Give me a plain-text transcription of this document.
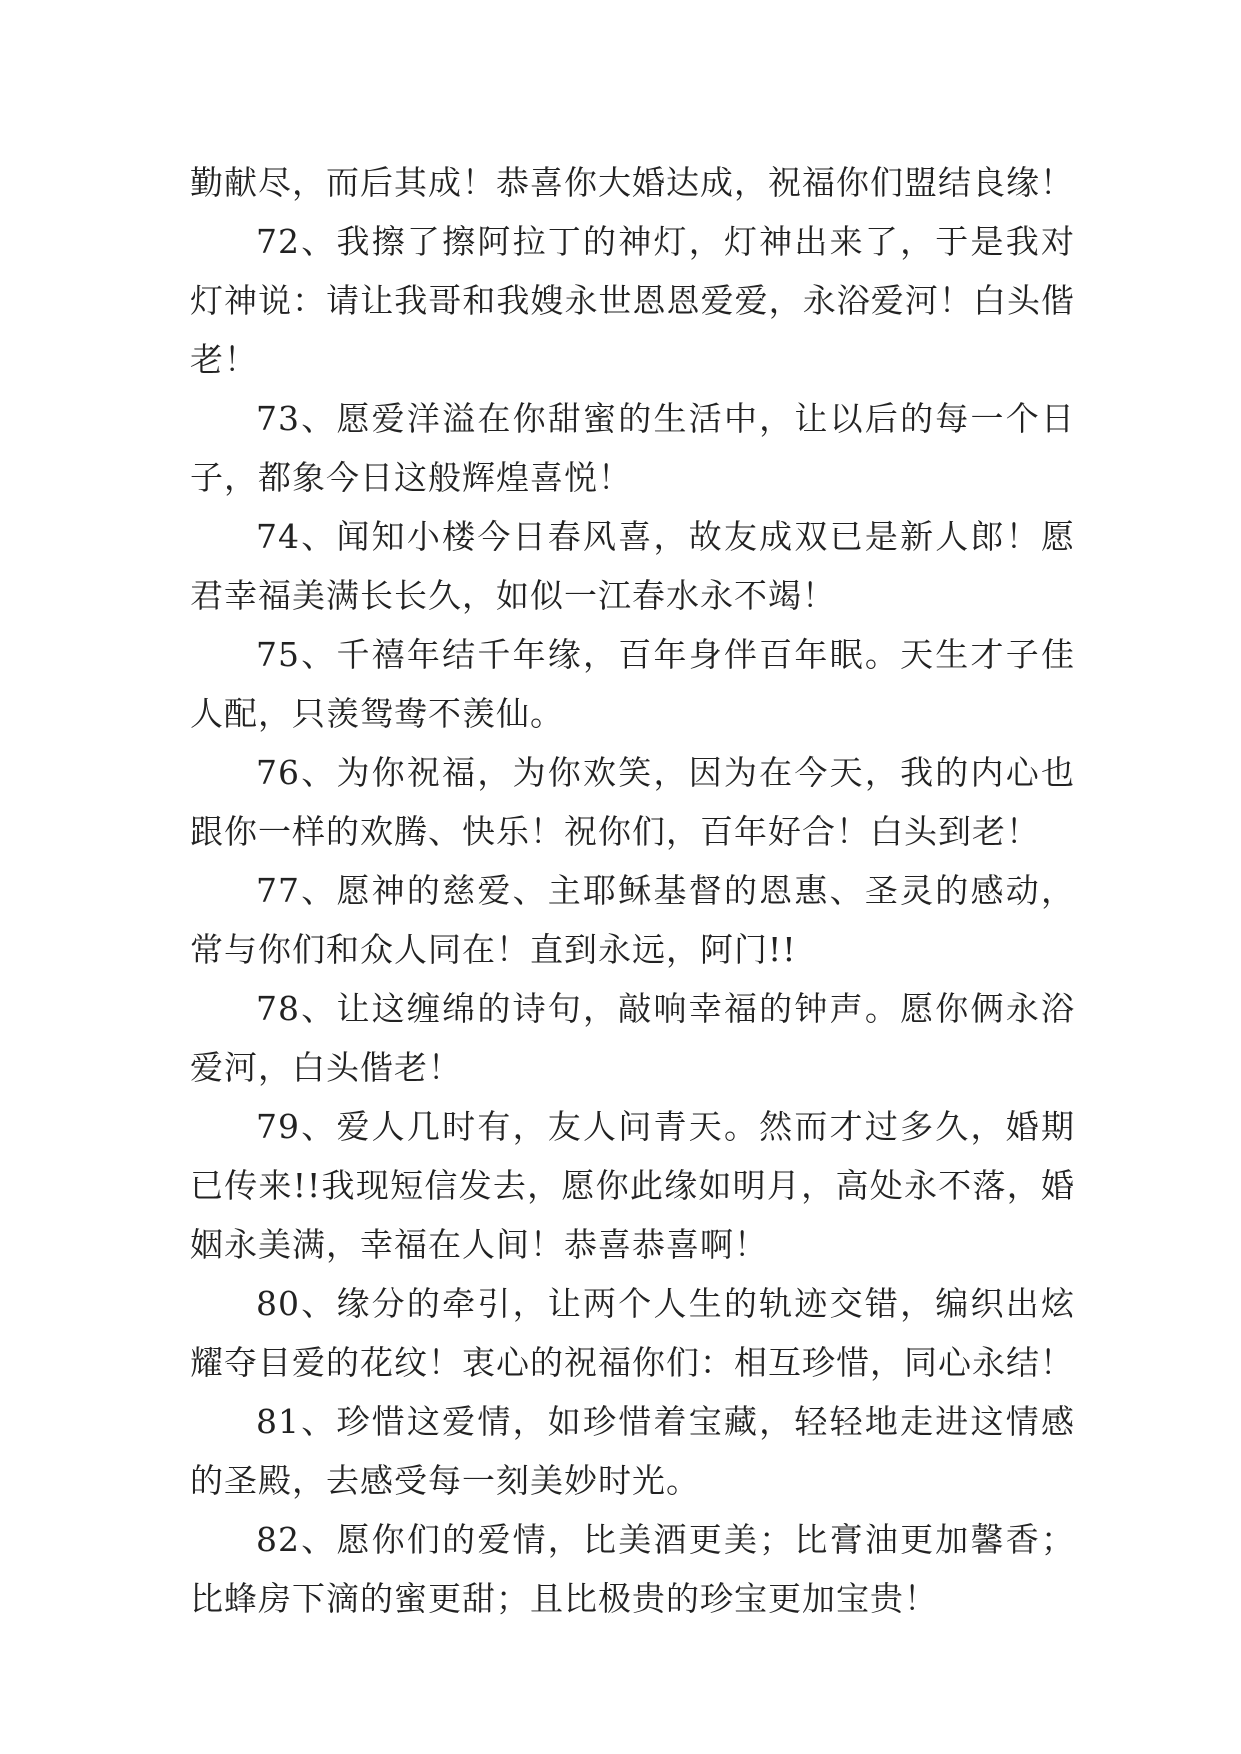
勤献尽，而后其成！恭喜你大婚达成，祝福你们盟结良缘！

72、我擦了擦阿拉丁的神灯，灯神出来了，于是我对灯神说：请让我哥和我嫂永世恩恩爱爱，永浴爱河！白头偕老！

73、愿爱洋溢在你甜蜜的生活中，让以后的每一个日子，都象今日这般辉煌喜悦！

74、闻知小楼今日春风喜，故友成双已是新人郎！愿君幸福美满长长久，如似一江春水永不竭！

75、千禧年结千年缘，百年身伴百年眠。天生才子佳人配，只羡鸳鸯不羡仙。

76、为你祝福，为你欢笑，因为在今天，我的内心也跟你一样的欢腾、快乐！祝你们，百年好合！白头到老！

77、愿神的慈爱、主耶稣基督的恩惠、圣灵的感动，常与你们和众人同在！直到永远，阿门!!

78、让这缠绵的诗句，敲响幸福的钟声。愿你俩永浴爱河，白头偕老！

79、爱人几时有，友人问青天。然而才过多久，婚期已传来!!我现短信发去，愿你此缘如明月，高处永不落，婚姻永美满，幸福在人间！恭喜恭喜啊！

80、缘分的牵引，让两个人生的轨迹交错，编织出炫耀夺目爱的花纹！衷心的祝福你们：相互珍惜，同心永结！

81、珍惜这爱情，如珍惜着宝藏，轻轻地走进这情感的圣殿，去感受每一刻美妙时光。

82、愿你们的爱情，比美酒更美；比膏油更加馨香；比蜂房下滴的蜜更甜；且比极贵的珍宝更加宝贵！
